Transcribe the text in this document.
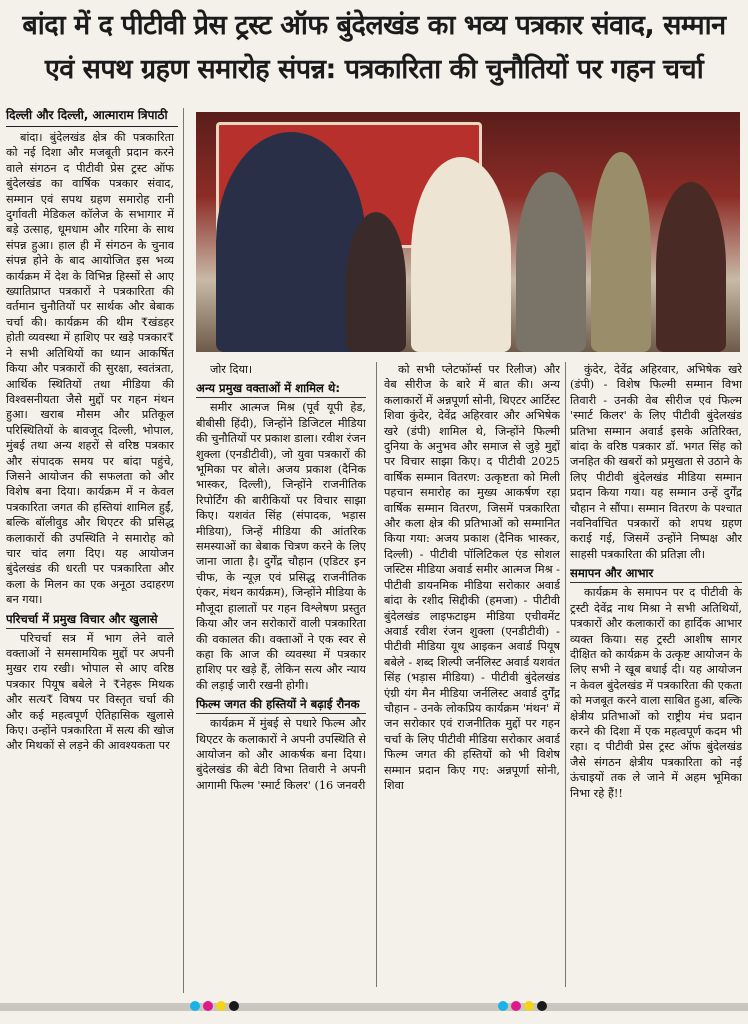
बांदा में द पीटीवी प्रेस ट्रस्ट ऑफ बुंदेलखंड का भव्य पत्रकार संवाद, सम्मान
एवं सपथ ग्रहण समारोह संपन्न: पत्रकारिता की चुनौतियों पर गहन चर्चा
दिल्ली और दिल्ली, आत्माराम त्रिपाठी

बांदा। बुंदेलखंड क्षेत्र की पत्रकारिता को नई दिशा और मजबूती प्रदान करने वाले संगठन द पीटीवी प्रेस ट्रस्ट ऑफ बुंदेलखंड का वार्षिक पत्रकार संवाद, सम्मान एवं सपथ ग्रहण समारोह रानी दुर्गावती मेडिकल कॉलेज के सभागार में बड़े उत्साह, धूमधाम और गरिमा के साथ संपन्न हुआ। हाल ही में संगठन के चुनाव संपन्न होने के बाद आयोजित इस भव्य कार्यक्रम में देश के विभिन्न हिस्सों से आए ख्यातिप्राप्त पत्रकारों ने पत्रकारिता की वर्तमान चुनौतियों पर सार्थक और बेबाक चर्चा की। कार्यक्रम की थीम ₹खंडहर होती व्यवस्था में हाशिए पर खड़े पत्रकार₹ ने सभी अतिथियों का ध्यान आकर्षित किया और पत्रकारों की सुरक्षा, स्वतंत्रता, आर्थिक स्थितियों तथा मीडिया की विश्वसनीयता जैसे मुद्दों पर गहन मंथन हुआ। खराब मौसम और प्रतिकूल परिस्थितियों के बावजूद दिल्ली, भोपाल, मुंबई तथा अन्य शहरों से वरिष्ठ पत्रकार और संपादक समय पर बांदा पहुंचे, जिसने आयोजन की सफलता को और विशेष बना दिया। कार्यक्रम में न केवल पत्रकारिता जगत की हस्तियां शामिल हुईं, बल्कि बॉलीवुड और थिएटर की प्रसिद्ध कलाकारों की उपस्थिति ने समारोह को चार चांद लगा दिए। यह आयोजन बुंदेलखंड की धरती पर पत्रकारिता और कला के मिलन का एक अनूठा उदाहरण बन गया।

परिचर्चा में प्रमुख विचार और खुलासे

परिचर्चा सत्र में भाग लेने वाले वक्ताओं ने समसामयिक मुद्दों पर अपनी मुखर राय रखी। भोपाल से आए वरिष्ठ पत्रकार पियूष बबेले ने ₹नेहरू मिथक और सत्य₹ विषय पर विस्तृत चर्चा की और कई महत्वपूर्ण ऐतिहासिक खुलासे किए। उन्होंने पत्रकारिता में सत्य की खोज और मिथकों से लड़ने की आवश्यकता पर

जोर दिया।

अन्य प्रमुख वक्ताओं में शामिल थे:

समीर आत्मज मिश्र (पूर्व यूपी हेड, बीबीसी हिंदी), जिन्होंने डिजिटल मीडिया की चुनौतियों पर प्रकाश डाला। रवीश रंजन शुक्ला (एनडीटीवी), जो युवा पत्रकारों की भूमिका पर बोले। अजय प्रकाश (दैनिक भास्कर, दिल्ली), जिन्होंने राजनीतिक रिपोर्टिंग की बारीकियों पर विचार साझा किए। यशवंत सिंह (संपादक, भड़ास मीडिया), जिन्हें मीडिया की आंतरिक समस्याओं का बेबाक चित्रण करने के लिए जाना जाता है। दुर्गेंद्र चौहान (एडिटर इन चीफ, के न्यूज़ एवं प्रसिद्ध राजनीतिक एंकर, मंथन कार्यक्रम), जिन्होंने मीडिया के मौजूदा हालातों पर गहन विश्लेषण प्रस्तुत किया और जन सरोकारों वाली पत्रकारिता की वकालत की। वक्ताओं ने एक स्वर से कहा कि आज की व्यवस्था में पत्रकार हाशिए पर खड़े हैं, लेकिन सत्य और न्याय की लड़ाई जारी रखनी होगी।

फिल्म जगत की हस्तियों ने बढ़ाई रौनक

कार्यक्रम में मुंबई से पधारे फिल्म और थिएटर के कलाकारों ने अपनी उपस्थिति से आयोजन को और आकर्षक बना दिया। बुंदेलखंड की बेटी विभा तिवारी ने अपनी आगामी फिल्म 'स्मार्ट किलर' (16 जनवरी

को सभी प्लेटफॉर्म्स पर रिलीज) और वेब सीरीज के बारे में बात की। अन्य कलाकारों में अन्नपूर्णा सोनी, थिएटर आर्टिस्ट शिवा कुंदेर, देवेंद्र अहिरवार और अभिषेक खरे (डंपी) शामिल थे, जिन्होंने फिल्मी दुनिया के अनुभव और समाज से जुड़े मुद्दों पर विचार साझा किए। द पीटीवी 2025 वार्षिक सम्मान वितरण: उत्कृष्टता को मिली पहचान समारोह का मुख्य आकर्षण रहा वार्षिक सम्मान वितरण, जिसमें पत्रकारिता और कला क्षेत्र की प्रतिभाओं को सम्मानित किया गया: अजय प्रकाश (दैनिक भास्कर, दिल्ली) - पीटीवी पॉलिटिकल एंड सोशल जस्टिस मीडिया अवार्ड समीर आत्मज मिश्र - पीटीवी डायनमिक मीडिया सरोकार अवार्ड बांदा के रशीद सिद्दीकी (हमजा) - पीटीवी बुंदेलखंड लाइफटाइम मीडिया एचीवमेंट अवार्ड रवीश रंजन शुक्ला (एनडीटीवी) - पीटीवी मीडिया यूथ आइकन अवार्ड पियूष बबेले - शब्द शिल्पी जर्नलिस्ट अवार्ड यशवंत सिंह (भड़ास मीडिया) - पीटीवी बुंदेलखंड एंग्री यंग मैन मीडिया जर्नलिस्ट अवार्ड दुर्गेंद्र चौहान - उनके लोकप्रिय कार्यक्रम 'मंथन' में जन सरोकार एवं राजनीतिक मुद्दों पर गहन चर्चा के लिए पीटीवी मीडिया सरोकार अवार्ड फिल्म जगत की हस्तियों को भी विशेष सम्मान प्रदान किए गए: अन्नपूर्णा सोनी, शिवा

कुंदेर, देवेंद्र अहिरवार, अभिषेक खरे (डंपी) - विशेष फिल्मी सम्मान विभा तिवारी - उनकी वेब सीरीज एवं फिल्म 'स्मार्ट किलर' के लिए पीटीवी बुंदेलखंड प्रतिभा सम्मान अवार्ड इसके अतिरिक्त, बांदा के वरिष्ठ पत्रकार डॉ. भगत सिंह को जनहित की खबरों को प्रमुखता से उठाने के लिए पीटीवी बुंदेलखंड मीडिया सम्मान प्रदान किया गया। यह सम्मान उन्हें दुर्गेंद्र चौहान ने सौंपा। सम्मान वितरण के पश्चात नवनिर्वाचित पत्रकारों को शपथ ग्रहण कराई गई, जिसमें उन्होंने निष्पक्ष और साहसी पत्रकारिता की प्रतिज्ञा ली।

समापन और आभार

कार्यक्रम के समापन पर द पीटीवी के ट्रस्टी देवेंद्र नाथ मिश्रा ने सभी अतिथियों, पत्रकारों और कलाकारों का हार्दिक आभार व्यक्त किया। सह ट्रस्टी आशीष सागर दीक्षित को कार्यक्रम के उत्कृष्ट आयोजन के लिए सभी ने खूब बधाई दी। यह आयोजन न केवल बुंदेलखंड में पत्रकारिता की एकता को मजबूत करने वाला साबित हुआ, बल्कि क्षेत्रीय प्रतिभाओं को राष्ट्रीय मंच प्रदान करने की दिशा में एक महत्वपूर्ण कदम भी रहा। द पीटीवी प्रेस ट्रस्ट ऑफ बुंदेलखंड जैसे संगठन क्षेत्रीय पत्रकारिता को नई ऊंचाइयों तक ले जाने में अहम भूमिका निभा रहे हैं!!
